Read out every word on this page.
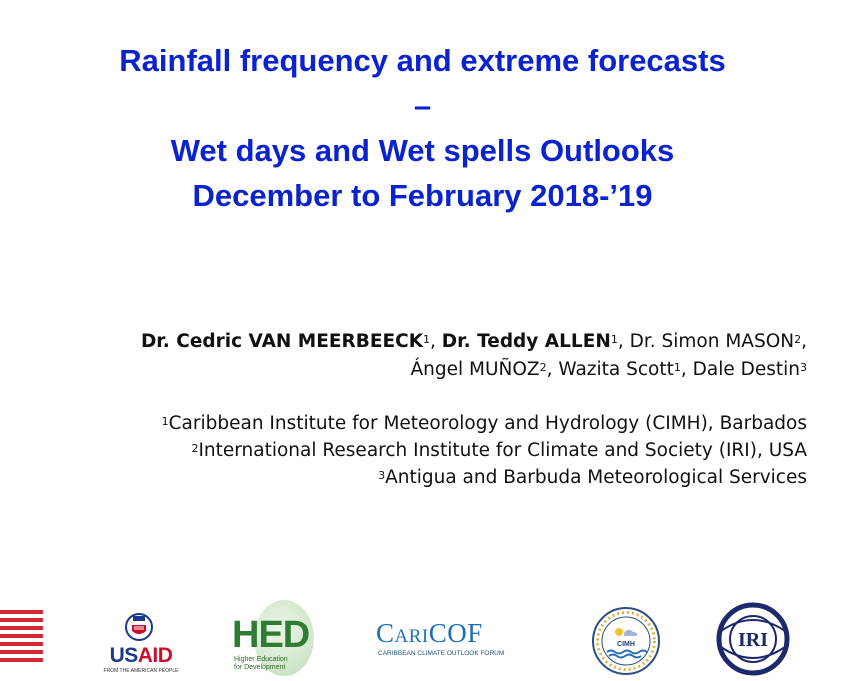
Rainfall frequency and extreme forecasts
–
Wet days and Wet spells Outlooks
December to February 2018-’19
Dr. Cedric VAN MEERBEECK$^1$, Dr. Teddy ALLEN$^1$, Dr. Simon MASON$^2$,
Ángel MUÑOZ$^2$, Wazita Scott$^1$, Dale Destin$^3$
$^1$Caribbean Institute for Meteorology and Hydrology (CIMH), Barbados
$^2$International Research Institute for Climate and Society (IRI), USA
$^3$Antigua and Barbuda Meteorological Services
USAID
FROM THE AMERICAN PEOPLE
HED
Higher Education
for Development
CariCOF
CARIBBEAN CLIMATE OUTLOOK FORUM
CIMH	IRI
